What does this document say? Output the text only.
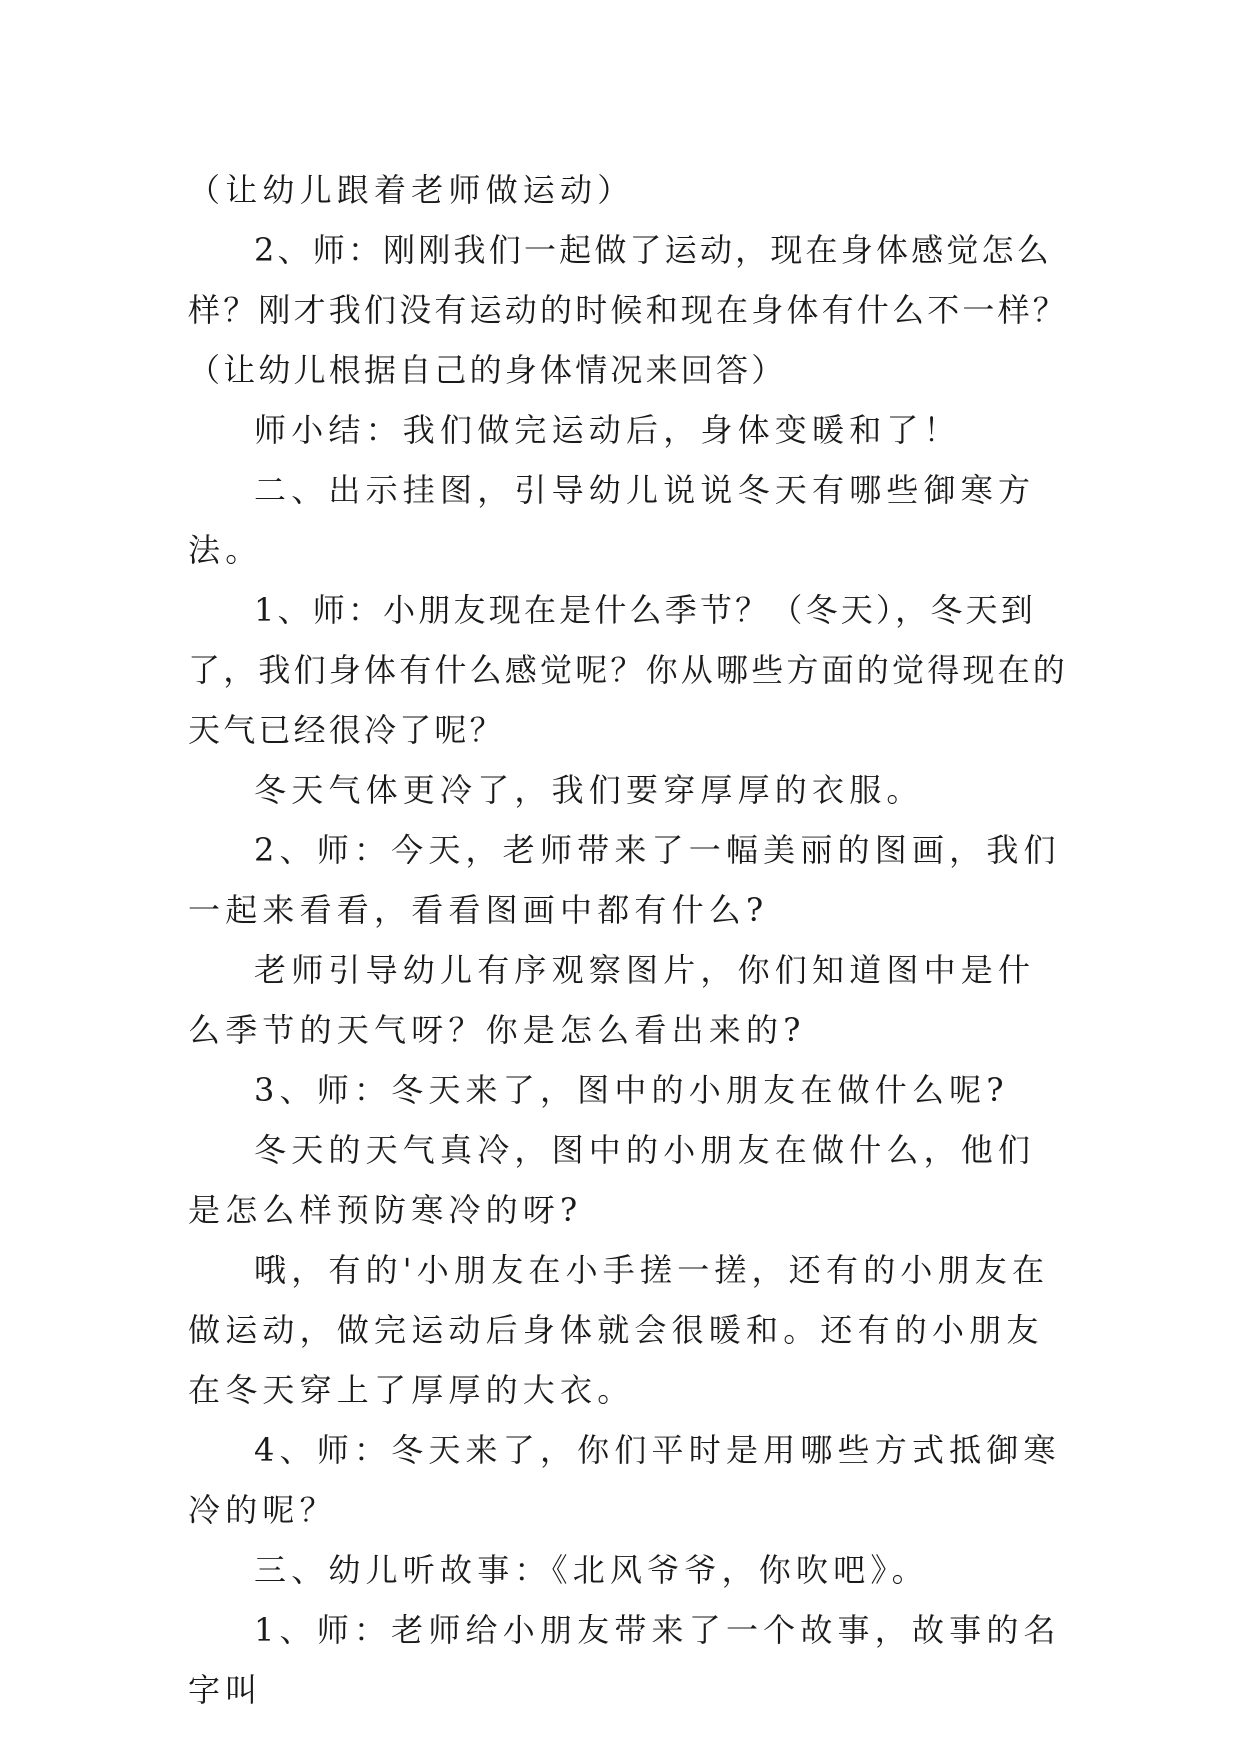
（让幼儿跟着老师做运动）

2、师：刚刚我们一起做了运动，现在身体感觉怎么样？刚才我们没有运动的时候和现在身体有什么不一样？（让幼儿根据自己的身体情况来回答）

师小结：我们做完运动后，身体变暖和了！

二、出示挂图，引导幼儿说说冬天有哪些御寒方法。

1、师：小朋友现在是什么季节？（冬天），冬天到了，我们身体有什么感觉呢？你从哪些方面的觉得现在的天气已经很冷了呢？

冬天气体更冷了，我们要穿厚厚的衣服。

2、师：今天，老师带来了一幅美丽的图画，我们一起来看看，看看图画中都有什么?

老师引导幼儿有序观察图片，你们知道图中是什么季节的天气呀？你是怎么看出来的?

3、师：冬天来了，图中的小朋友在做什么呢?

冬天的天气真冷，图中的小朋友在做什么，他们是怎么样预防寒冷的呀?

哦，有的'小朋友在小手搓一搓，还有的小朋友在做运动，做完运动后身体就会很暖和。还有的小朋友在冬天穿上了厚厚的大衣。

4、师：冬天来了，你们平时是用哪些方式抵御寒冷的呢？

三、幼儿听故事：《北风爷爷，你吹吧》。

1、师：老师给小朋友带来了一个故事，故事的名字叫
